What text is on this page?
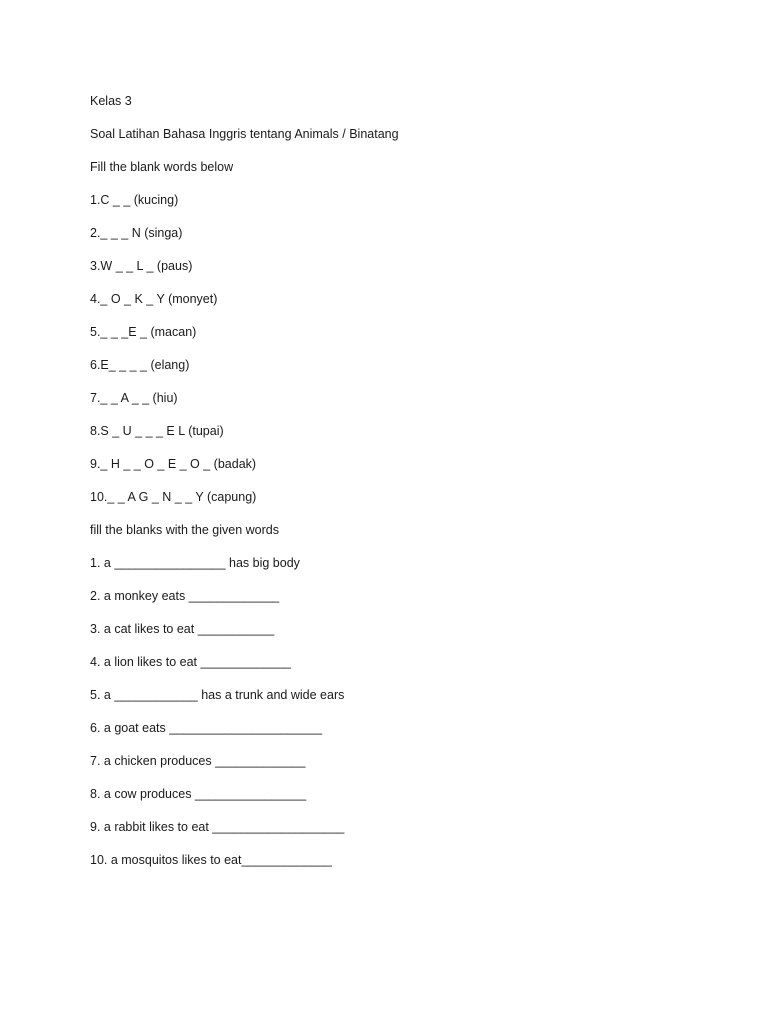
Kelas 3
Soal Latihan Bahasa Inggris tentang Animals / Binatang
Fill the blank words below
1.C _ _ (kucing)
2._ _ _ N (singa)
3.W _ _ L _ (paus)
4._ O _ K _ Y (monyet)
5._ _ _E _ (macan)
6.E_ _ _ _ (elang)
7._ _ A _ _ (hiu)
8.S _ U _ _ _ E L (tupai)
9._ H _ _ O _ E _ O _ (badak)
10._ _ A G _ N _ _ Y (capung)
fill the blanks with the given words
1. a ________________ has big body
2. a monkey eats _____________
3. a cat likes to eat ___________
4. a lion likes to eat _____________
5. a ____________ has a trunk and wide ears
6. a goat eats ______________________
7. a chicken produces _____________
8. a cow produces ________________
9. a rabbit likes to eat ___________________
10. a mosquitos likes to eat_____________
